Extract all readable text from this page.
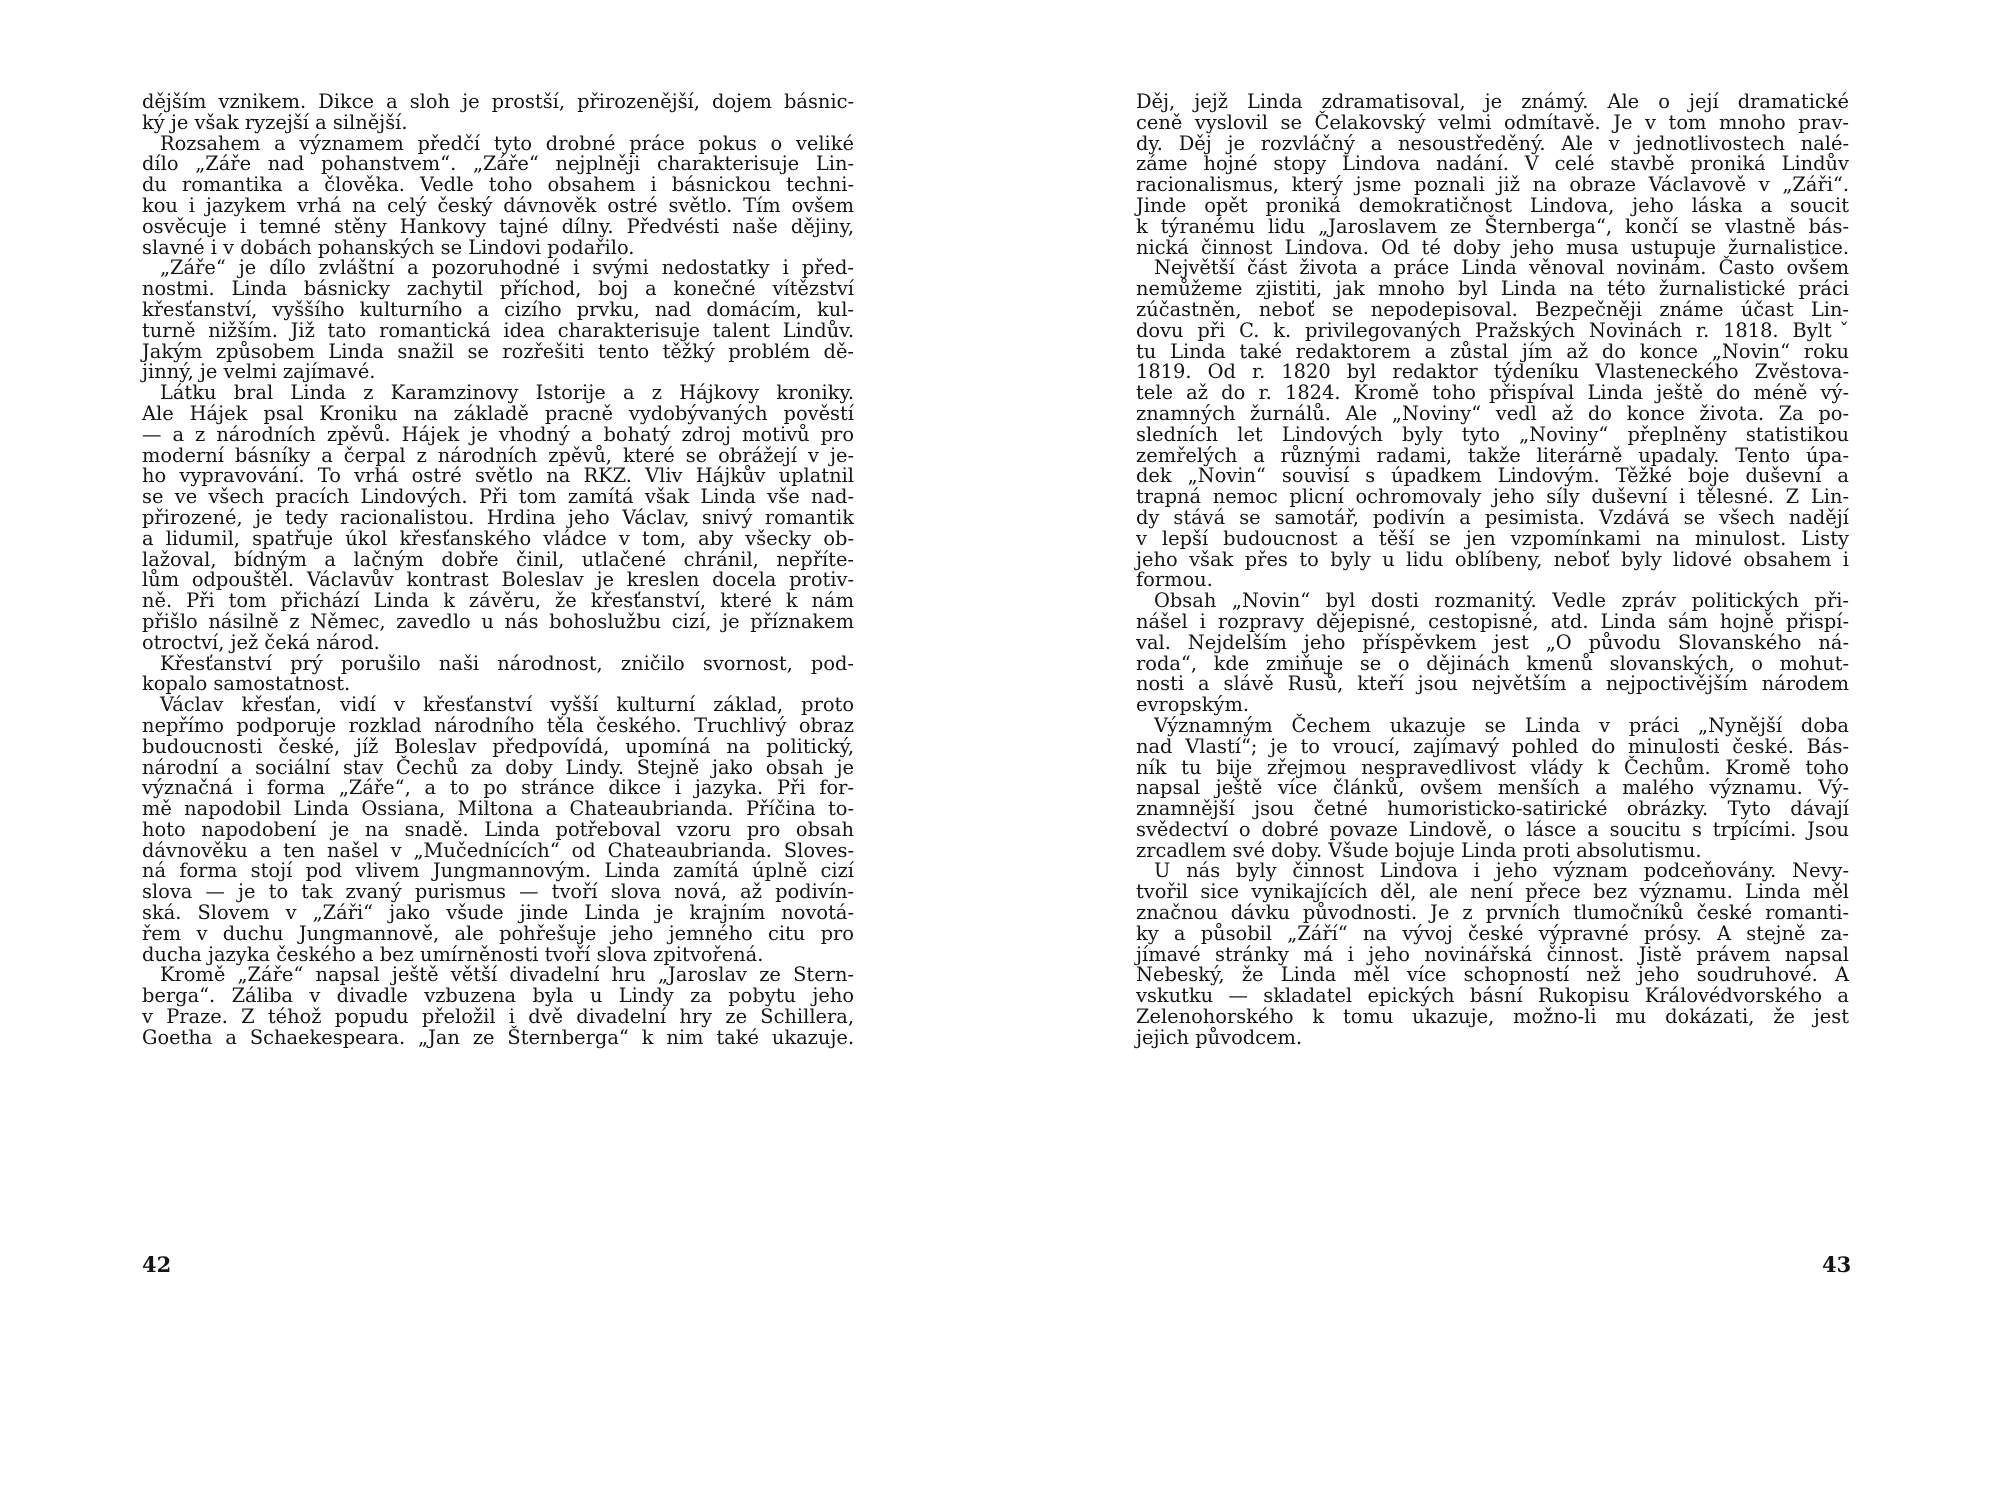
dějším vznikem. Dikce a sloh je prostší, přirozenější, dojem básnic-
ký je však ryzejší a silnější.
Rozsahem a významem předčí tyto drobné práce pokus o veliké
dílo „Záře nad pohanstvem“. „Záře“ nejplněji charakterisuje Lin-
du romantika a člověka. Vedle toho obsahem i básnickou techni-
kou i jazykem vrhá na celý český dávnověk ostré světlo. Tím ovšem
osvěcuje i temné stěny Hankovy tajné dílny. Předvésti naše dějiny,
slavné i v dobách pohanských se Lindovi podařilo.
„Záře“ je dílo zvláštní a pozoruhodné i svými nedostatky i před-
nostmi. Linda básnicky zachytil příchod, boj a konečné vítězství
křesťanství, vyššího kulturního a cizího prvku, nad domácím, kul-
turně nižším. Již tato romantická idea charakterisuje talent Lindův.
Jakým způsobem Linda snažil se rozřešiti tento těžký problém dě-
jinný, je velmi zajímavé.
Látku bral Linda z Karamzinovy Istorije a z Hájkovy kroniky.
Ale Hájek psal Kroniku na základě pracně vydobývaných pověstí
— a z národních zpěvů. Hájek je vhodný a bohatý zdroj motivů pro
moderní básníky a čerpal z národních zpěvů, které se obrážejí v je-
ho vypravování. To vrhá ostré světlo na RKZ. Vliv Hájkův uplatnil
se ve všech pracích Lindových. Při tom zamítá však Linda vše nad-
přirozené, je tedy racionalistou. Hrdina jeho Václav, snivý romantik
a lidumil, spatřuje úkol křesťanského vládce v tom, aby všecky ob-
lažoval, bídným a lačným dobře činil, utlačené chránil, nepříte-
lům odpouštěl. Václavův kontrast Boleslav je kreslen docela protiv-
ně. Při tom přichází Linda k závěru, že křesťanství, které k nám
přišlo násilně z Němec, zavedlo u nás bohoslužbu cizí, je příznakem
otroctví, jež čeká národ.
Křesťanství prý porušilo naši národnost, zničilo svornost, pod-
kopalo samostatnost.
Václav křesťan, vidí v křesťanství vyšší kulturní základ, proto
nepřímo podporuje rozklad národního těla českého. Truchlivý obraz
budoucnosti české, jíž Boleslav předpovídá, upomíná na politický,
národní a sociální stav Čechů za doby Lindy. Stejně jako obsah je
význačná i forma „Záře“, a to po stránce dikce i jazyka. Při for-
mě napodobil Linda Ossiana, Miltona a Chateaubrianda. Příčina to-
hoto napodobení je na snadě. Linda potřeboval vzoru pro obsah
dávnověku a ten našel v „Mučednících“ od Chateaubrianda. Sloves-
ná forma stojí pod vlivem Jungmannovým. Linda zamítá úplně cizí
slova — je to tak zvaný purismus — tvoří slova nová, až podivín-
ská. Slovem v „Záři“ jako všude jinde Linda je krajním novotá-
řem v duchu Jungmannově, ale pohřešuje jeho jemného citu pro
ducha jazyka českého a bez umírněnosti tvoří slova zpitvořená.
Kromě „Záře“ napsal ještě větší divadelní hru „Jaroslav ze Stern-
berga“. Záliba v divadle vzbuzena byla u Lindy za pobytu jeho
v Praze. Z téhož popudu přeložil i dvě divadelní hry ze Schillera,
Goetha a Schaekespeara. „Jan ze Šternberga“ k nim také ukazuje.
Děj, jejž Linda zdramatisoval, je známý. Ale o její dramatické
ceně vyslovil se Čelakovský velmi odmítavě. Je v tom mnoho prav-
dy. Děj je rozvláčný a nesoustředěný. Ale v jednotlivostech nalé-
záme hojné stopy Lindova nadání. V celé stavbě proniká Lindův
racionalismus, který jsme poznali již na obraze Václavově v „Záři“.
Jinde opět proniká demokratičnost Lindova, jeho láska a soucit
k týranému lidu „Jaroslavem ze Šternberga“, končí se vlastně bás-
nická činnost Lindova. Od té doby jeho musa ustupuje žurnalistice.
Největší část života a práce Linda věnoval novinám. Často ovšem
nemůžeme zjistiti, jak mnoho byl Linda na této žurnalistické práci
zúčastněn, neboť se nepodepisoval. Bezpečněji známe účast Lin-
dovu při C. k. privilegovaných Pražských Novinách r. 1818. Byltˇ
tu Linda také redaktorem a zůstal jím až do konce „Novin“ roku
1819. Od r. 1820 byl redaktor týdeníku Vlasteneckého Zvěstova-
tele až do r. 1824. Kromě toho přispíval Linda ještě do méně vý-
znamných žurnálů. Ale „Noviny“ vedl až do konce života. Za po-
sledních let Lindových byly tyto „Noviny“ přeplněny statistikou
zemřelých a různými radami, takže literárně upadaly. Tento úpa-
dek „Novin“ souvisí s úpadkem Lindovým. Těžké boje duševní a
trapná nemoc plicní ochromovaly jeho síly duševní i tělesné. Z Lin-
dy stává se samotář, podivín a pesimista. Vzdává se všech nadějí
v lepší budoucnost a těší se jen vzpomínkami na minulost. Listy
jeho však přes to byly u lidu oblíbeny, neboť byly lidové obsahem i
formou.
Obsah „Novin“ byl dosti rozmanitý. Vedle zpráv politických při-
nášel i rozpravy dějepisné, cestopisné, atd. Linda sám hojně přispí-
val. Nejdelším jeho příspěvkem jest „O původu Slovanského ná-
roda“, kde zmiňuje se o dějinách kmenů slovanských, o mohut-
nosti a slávě Rusů, kteří jsou největším a nejpoctivějším národem
evropským.
Významným Čechem ukazuje se Linda v práci „Nynější doba
nad Vlastí“; je to vroucí, zajímavý pohled do minulosti české. Bás-
ník tu bije zřejmou nespravedlivost vlády k Čechům. Kromě toho
napsal ještě více článků, ovšem menších a malého významu. Vý-
znamnější jsou četné humoristicko-satirické obrázky. Tyto dávají
svědectví o dobré povaze Lindově, o lásce a soucitu s trpícími. Jsou
zrcadlem své doby. Všude bojuje Linda proti absolutismu.
U nás byly činnost Lindova i jeho význam podceňovány. Nevy-
tvořil sice vynikajících děl, ale není přece bez významu. Linda měl
značnou dávku původnosti. Je z prvních tlumočníků české romanti-
ky a působil „Září“ na vývoj české výpravné prósy. A stejně za-
jímavé stránky má i jeho novinářská činnost. Jistě právem napsal
Nebeský, že Linda měl více schopností než jeho soudruhové. A
vskutku — skladatel epických básní Rukopisu Královédvorského a
Zelenohorského k tomu ukazuje, možno-li mu dokázati, že jest
jejich původcem.
42	43
